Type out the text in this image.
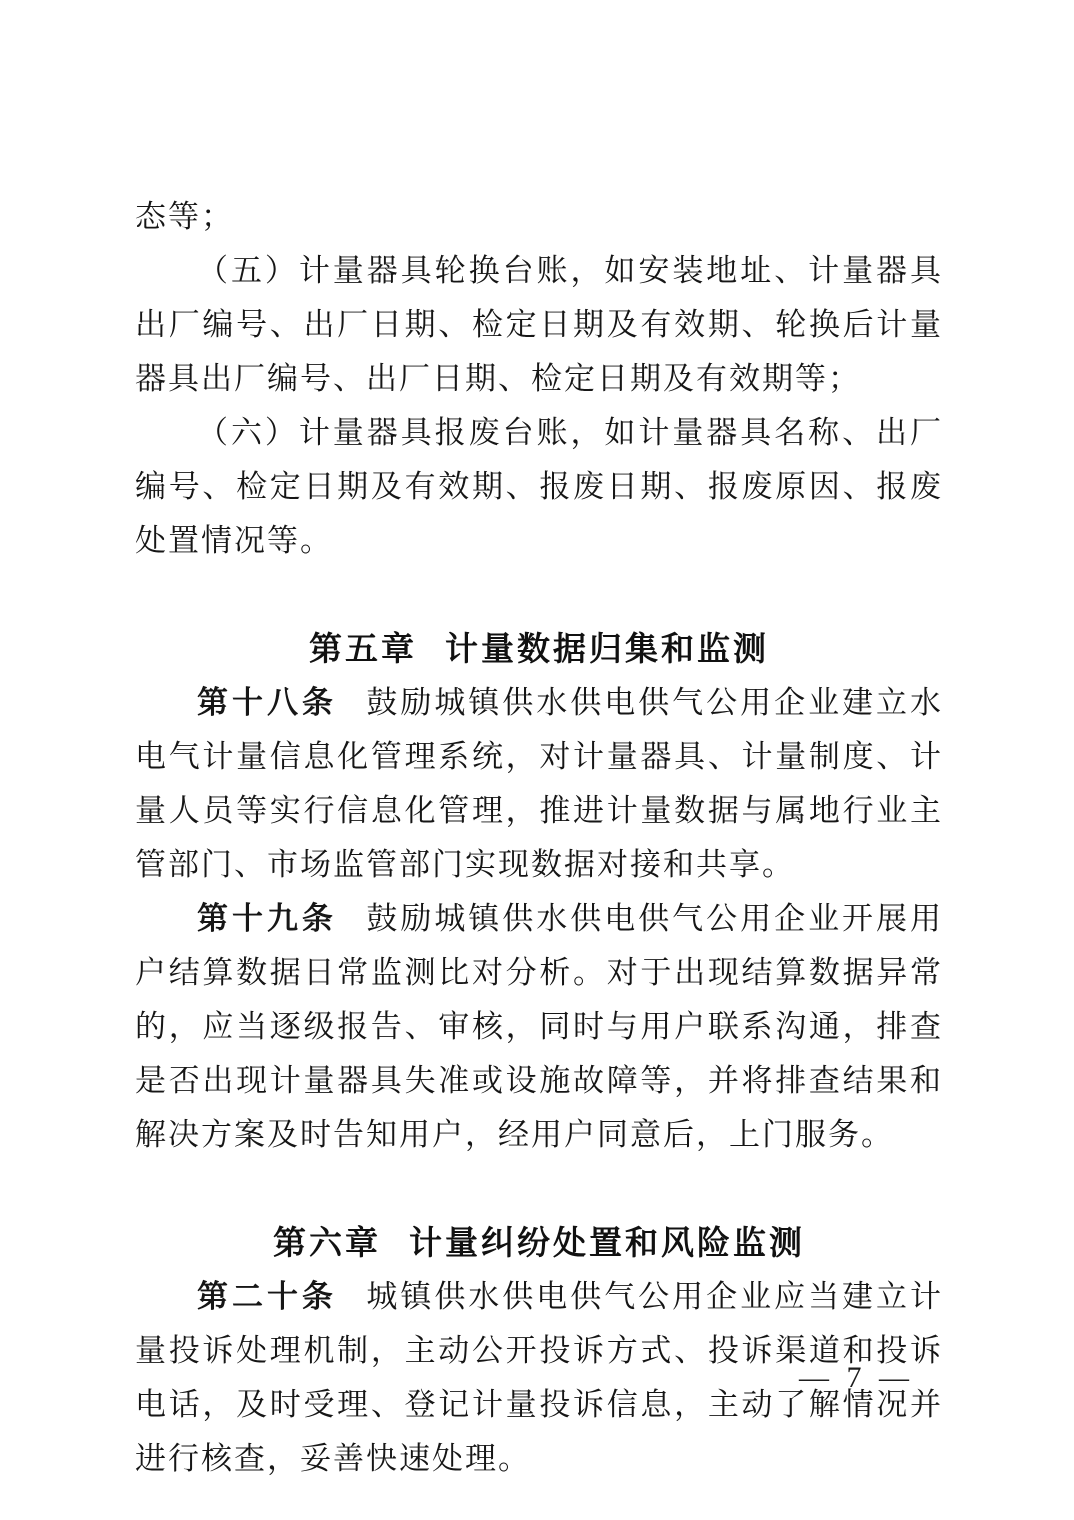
态等；

（五）计量器具轮换台账，如安装地址、计量器具出厂编号、出厂日期、检定日期及有效期、轮换后计量器具出厂编号、出厂日期、检定日期及有效期等；

（六）计量器具报废台账，如计量器具名称、出厂编号、检定日期及有效期、报废日期、报废原因、报废处置情况等。

第五章 计量数据归集和监测

第十八条 鼓励城镇供水供电供气公用企业建立水电气计量信息化管理系统，对计量器具、计量制度、计量人员等实行信息化管理，推进计量数据与属地行业主管部门、市场监管部门实现数据对接和共享。

第十九条 鼓励城镇供水供电供气公用企业开展用户结算数据日常监测比对分析。对于出现结算数据异常的，应当逐级报告、审核，同时与用户联系沟通，排查是否出现计量器具失准或设施故障等，并将排查结果和解决方案及时告知用户，经用户同意后，上门服务。

第六章 计量纠纷处置和风险监测

第二十条 城镇供水供电供气公用企业应当建立计量投诉处理机制，主动公开投诉方式、投诉渠道和投诉电话，及时受理、登记计量投诉信息，主动了解情况并进行核查，妥善快速处理。

— 7 —
